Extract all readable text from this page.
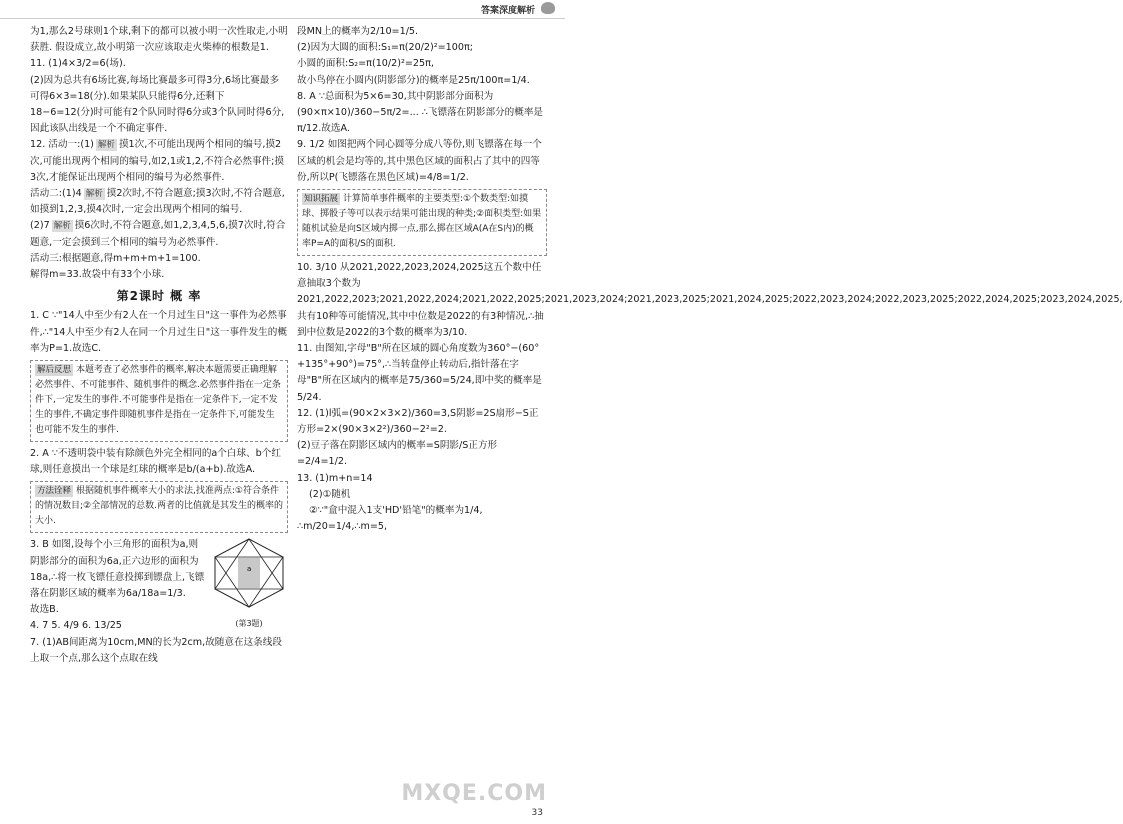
答案深度解析

为1,那么2号球则1个球,剩下的都可以被小明一次性取走,小明获胜. 假设成立,故小明第一次应该取走火柴棒的根数是1.

11. (1)4×3/2=6(场).

(2)因为总共有6场比赛,每场比赛最多可得3分,6场比赛最多可得6×3=18(分).如果某队只能得6分,还剩下18−6=12(分)时可能有2个队同时得6分或3个队同时得6分,因此该队出线是一个不确定事件.

12. 活动一:(1) 解析 摸1次,不可能出现两个相同的编号,摸2次,可能出现两个相同的编号,如2,1或1,2,不符合必然事件;摸3次,才能保证出现两个相同的编号为必然事件.

活动二:(1)4 解析 摸2次时,不符合题意;摸3次时,不符合题意,如摸到1,2,3,摸4次时,一定会出现两个相同的编号.

(2)7 解析 摸6次时,不符合题意,如1,2,3,4,5,6,摸7次时,符合题意,一定会摸到三个相同的编号为必然事件.

活动三:根据题意,得m+m+m+1=100.

解得m=33.故袋中有33个小球.

第2课时 概 率

1. C ∵"14人中至少有2人在一个月过生日"这一事件为必然事件,∴"14人中至少有2人在同一个月过生日"这一事件发生的概率为P=1.故选C.

解后反思 本题考查了必然事件的概率,解决本题需要正确理解必然事件、不可能事件、随机事件的概念.必然事件指在一定条件下,一定发生的事件.不可能事件是指在一定条件下,一定不发生的事件,不确定事件即随机事件是指在一定条件下,可能发生也可能不发生的事件.

2. A ∵不透明袋中装有除颜色外完全相同的a个白球、b个红球,则任意摸出一个球是红球的概率是b/(a+b).故选A.

方法诠释 根据随机事件概率大小的求法,找准两点:①符合条件的情况数目;②全部情况的总数.两者的比值就是其发生的概率的大小.
a
(第3题)

3. B 如图,设每个小三角形的面积为a,则阴影部分的面积为6a,正六边形的面积为18a,∴将一枚飞镖任意投掷到镖盘上,飞镖落在阴影区域的概率为6a/18a=1/3.

故选B.

4. 7 5. 4/9 6. 13/25

7. (1)AB间距离为10cm,MN的长为2cm,故随意在这条线段上取一个点,那么这个点取在线

段MN上的概率为2/10=1/5.

(2)因为大圆的面积:S₁=π(20/2)²=100π;

小圆的面积:S₂=π(10/2)²=25π,

故小鸟停在小圆内(阴影部分)的概率是25π/100π=1/4.

8. A ∵总面积为5×6=30,其中阴影部分面积为(90×π×10)/360−5π/2=... ∴飞镖落在阴影部分的概率是π/12.故选A.

9. 1/2 如图把两个同心圆等分成八等份,则飞镖落在每一个区域的机会是均等的,其中黑色区域的面积占了其中的四等份,所以P(飞镖落在黑色区域)=4/8=1/2.

知识拓展 计算简单事件概率的主要类型:①个数类型:如摸球、掷骰子等可以表示结果可能出现的种类;②面积类型:如果随机试验是向S区域内掷一点,那么掷在区域A(A在S内)的概率P=A的面积/S的面积.

10. 3/10 从2021,2022,2023,2024,2025这五个数中任意抽取3个数为2021,2022,2023;2021,2022,2024;2021,2022,2025;2021,2023,2024;2021,2023,2025;2021,2024,2025;2022,2023,2024;2022,2023,2025;2022,2024,2025;2023,2024,2025,共有10种等可能情况,其中中位数是2022的有3种情况,∴抽到中位数是2022的3个数的概率为3/10.

11. 由图知,字母"B"所在区域的圆心角度数为360°−(60°+135°+90°)=75°,∴当转盘停止转动后,指针落在字母"B"所在区域内的概率是75/360=5/24,即中奖的概率是5/24.

12. (1)l弧=(90×2×3×2)/360=3,S阴影=2S扇形−S正方形=2×(90×3×2²)/360−2²=2.

(2)豆子落在阴影区域内的概率=S阴影/S正方形=2/4=1/2.

13. (1)m+n=14

(2)①随机

②∵"盒中混入1支'HD'铅笔"的概率为1/4,

∴m/20=1/4,∴m=5,

MXQE.COM
33
